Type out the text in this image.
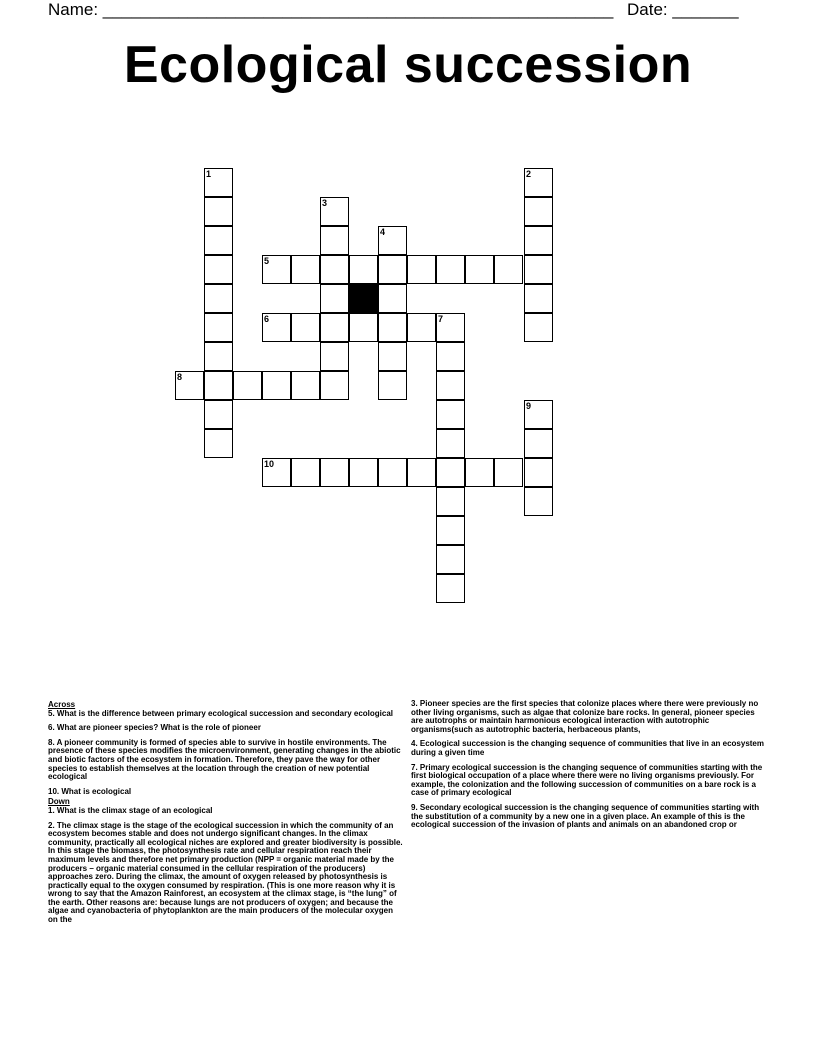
Name: ______________________________________________________ Date: _______
Ecological succession
1	2
3
4
5
6	7
8
9
10
Across

5. What is the difference between primary ecological succession and secondary ecological

6. What are pioneer species? What is the role of pioneer

8. A pioneer community is formed of species able to survive in hostile environments. The presence of these species modifies the microenvironment, generating changes in the abiotic and biotic factors of the ecosystem in formation. Therefore, they pave the way for other species to establish themselves at the location through the creation of new potential ecological

10. What is ecological

Down

1. What is the climax stage of an ecological

2. The climax stage is the stage of the ecological succession in which the community of an ecosystem becomes stable and does not undergo significant changes. In the climax community, practically all ecological niches are explored and greater biodiversity is possible. In this stage the biomass, the photosynthesis rate and cellular respiration reach their maximum levels and therefore net primary production (NPP = organic material made by the producers – organic material consumed in the cellular respiration of the producers) approaches zero. During the climax, the amount of oxygen released by photosynthesis is practically equal to the oxygen consumed by respiration. (This is one more reason why it is wrong to say that the Amazon Rainforest, an ecosystem at the climax stage, is “the lung” of the earth. Other reasons are: because lungs are not producers of oxygen; and because the algae and cyanobacteria of phytoplankton are the main producers of the molecular oxygen on the

3. Pioneer species are the first species that colonize places where there were previously no other living organisms, such as algae that colonize bare rocks. In general, pioneer species are autotrophs or maintain harmonious ecological interaction with autotrophic organisms(such as autotrophic bacteria, herbaceous plants,

4. Ecological succession is the changing sequence of communities that live in an ecosystem during a given time

7. Primary ecological succession is the changing sequence of communities starting with the first biological occupation of a place where there were no living organisms previously. For example, the colonization and the following succession of communities on a bare rock is a case of primary ecological

9. Secondary ecological succession is the changing sequence of communities starting with the substitution of a community by a new one in a given place. An example of this is the ecological succession of the invasion of plants and animals on an abandoned crop or
